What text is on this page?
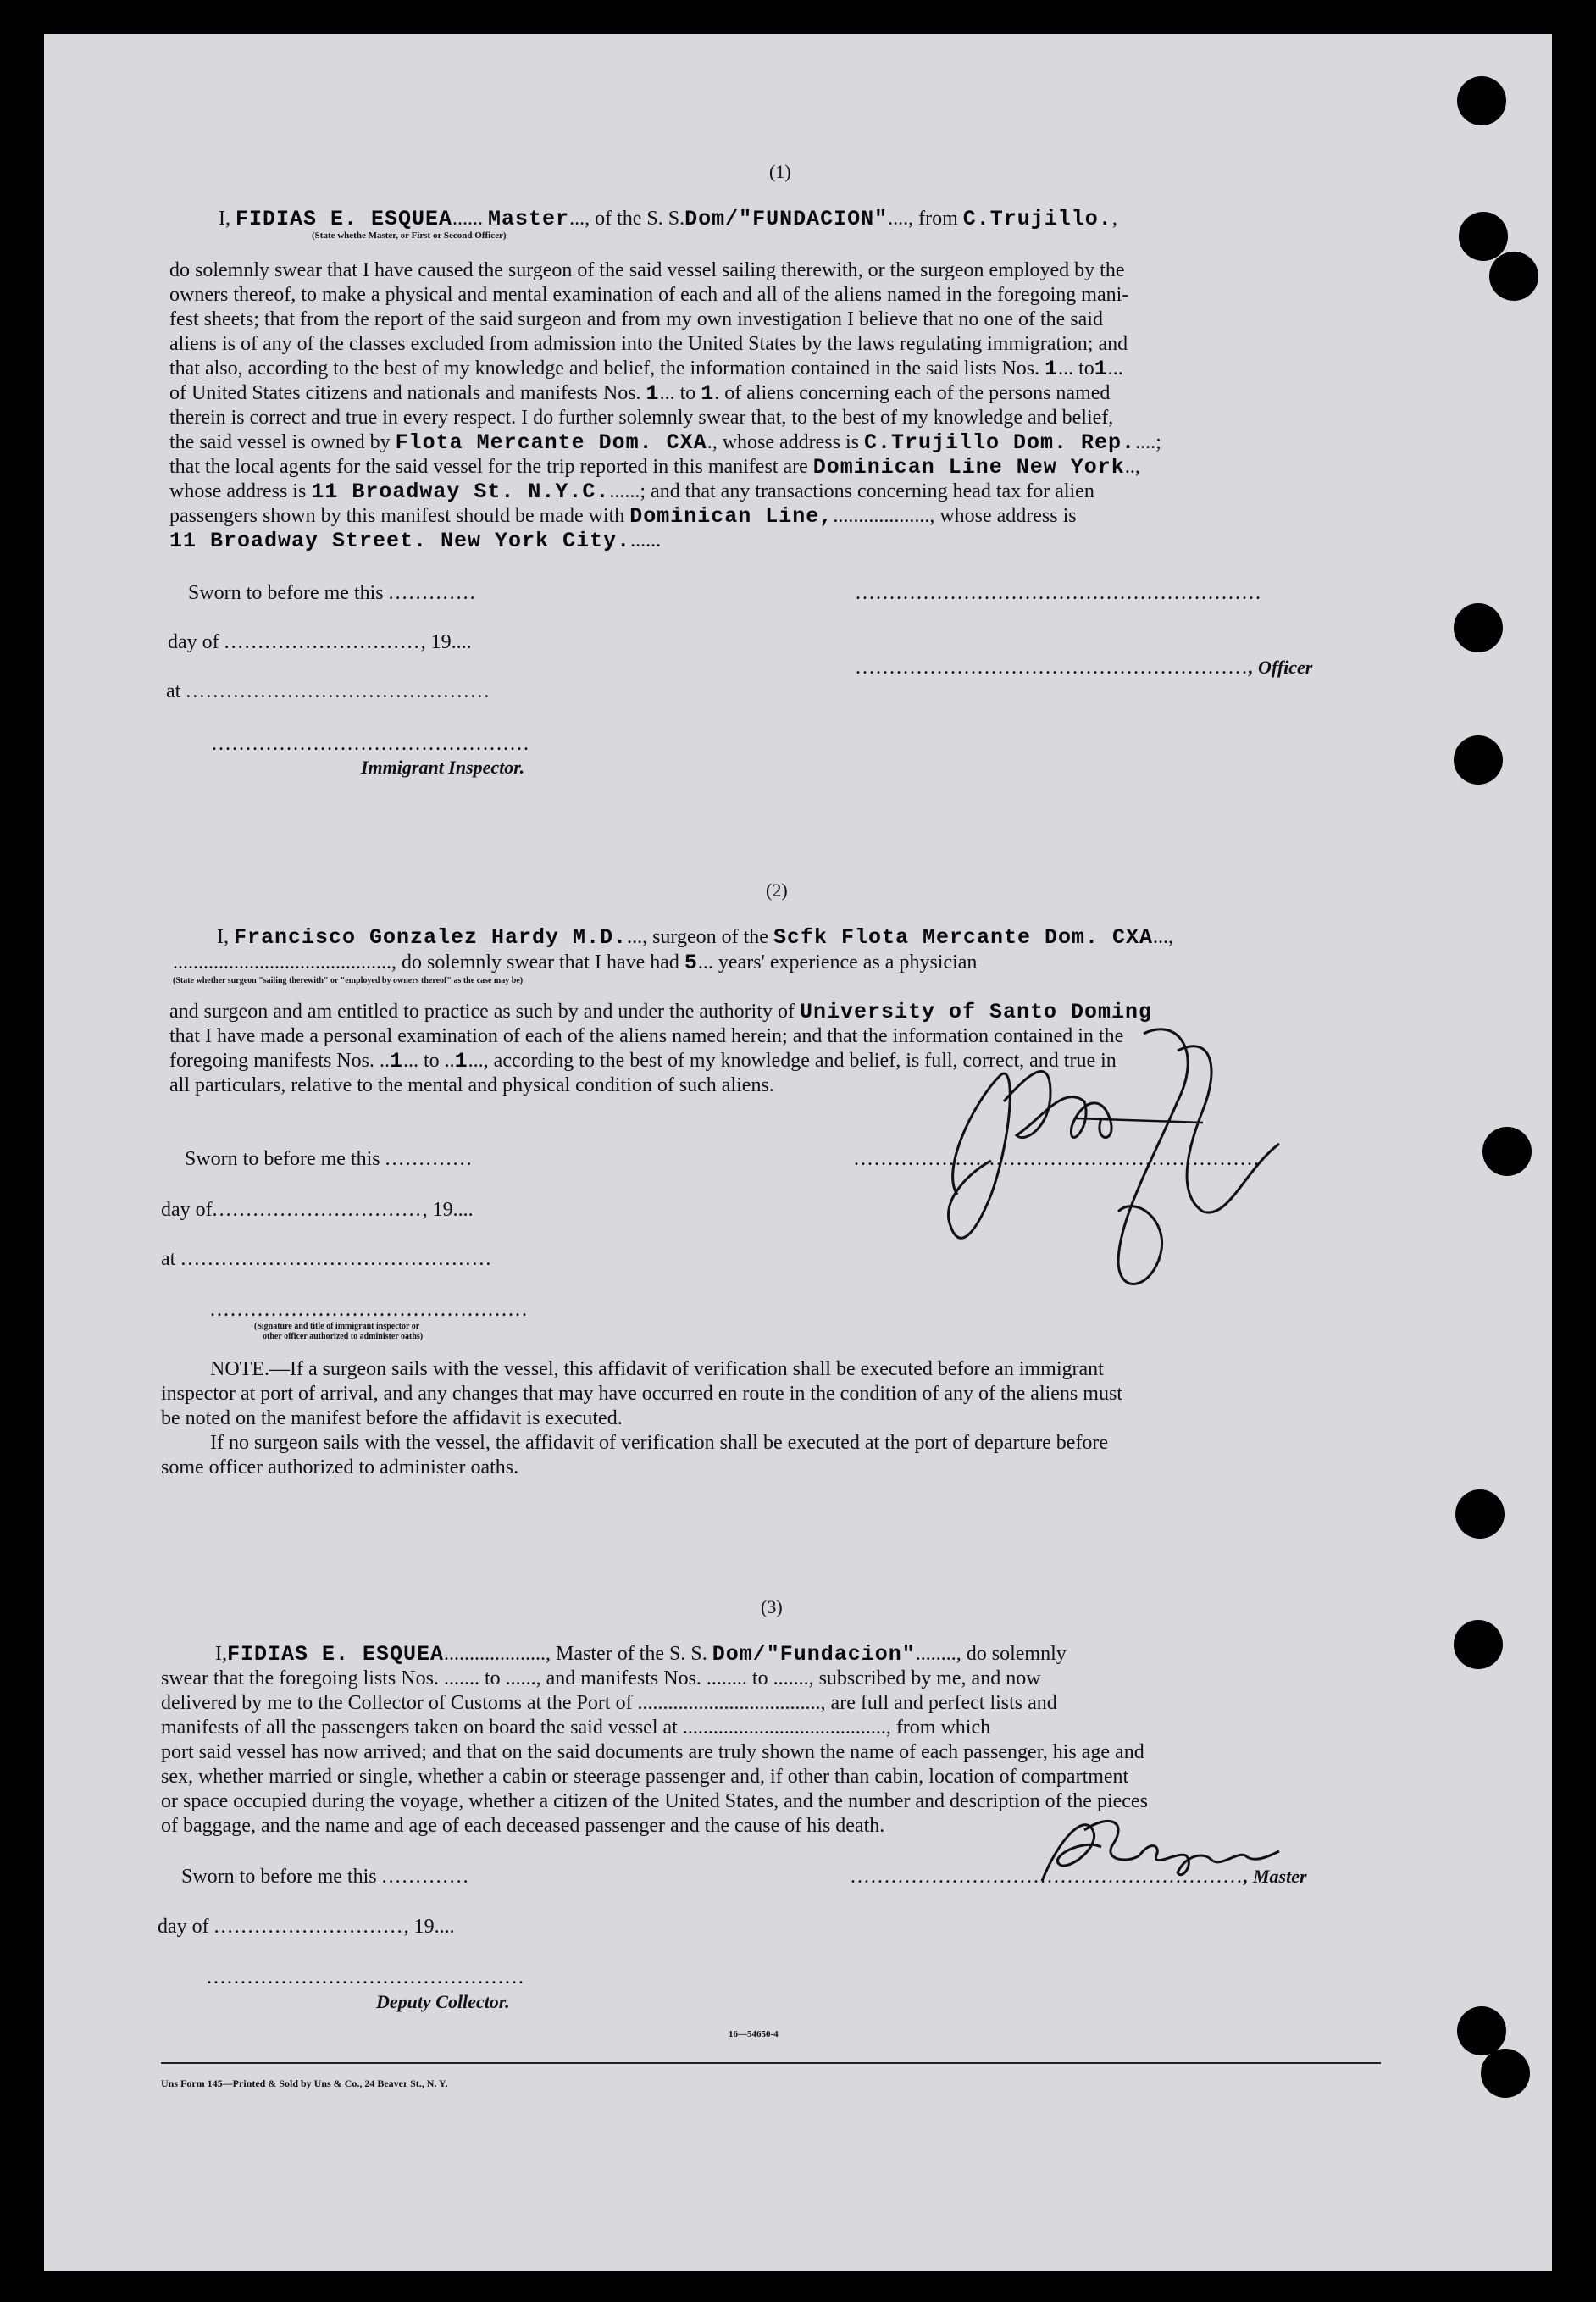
(1)
I, FIDIAS E. ESQUEA...... Master..., of the S. S.Dom/"FUNDACION"...., from C.Trujillo.,
(State whethe Master, or First or Second Officer)
do solemnly swear that I have caused the surgeon of the said vessel sailing therewith, or the surgeon employed by the
owners thereof, to make a physical and mental examination of each and all of the aliens named in the foregoing mani-
fest sheets; that from the report of the said surgeon and from my own investigation I believe that no one of the said
aliens is of any of the classes excluded from admission into the United States by the laws regulating immigration; and
that also, according to the best of my knowledge and belief, the information contained in the said lists Nos. 1... to1...
of United States citizens and nationals and manifests Nos. 1... to 1. of aliens concerning each of the persons named
therein is correct and true in every respect. I do further solemnly swear that, to the best of my knowledge and belief,
the said vessel is owned by Flota Mercante Dom. CXA., whose address is C.Trujillo Dom. Rep.....;
that the local agents for the said vessel for the trip reported in this manifest are Dominican Line New York..,
whose address is 11 Broadway St. N.Y.C.......; and that any transactions concerning head tax for alien
passengers shown by this manifest should be made with Dominican Line,..................., whose address is
11 Broadway Street. New York City.......
Sworn to before me this .............	............................................................
day of ............................., 19....
.........................................................., Officer
at .............................................
...............................................
Immigrant Inspector.
(2)
I, Francisco Gonzalez Hardy M.D...., surgeon of the Scfk Flota Mercante Dom. CXA...,
..........................................., do solemnly swear that I have had 5... years' experience as a physician
(State whether surgeon "sailing therewith" or "employed by owners thereof" as the case may be)
and surgeon and am entitled to practice as such by and under the authority of University of Santo Doming
that I have made a personal examination of each of the aliens named herein; and that the information contained in the
foregoing manifests Nos. ..1... to ..1..., according to the best of my knowledge and belief, is full, correct, and true in
all particulars, relative to the mental and physical condition of such aliens.
Sworn to before me this .............	............................................................
day of..............................., 19....
at ..............................................
...............................................
(Signature and title of immigrant inspector or
other officer authorized to administer oaths)
NOTE.—If a surgeon sails with the vessel, this affidavit of verification shall be executed before an immigrant
inspector at port of arrival, and any changes that may have occurred en route in the condition of any of the aliens must
be noted on the manifest before the affidavit is executed.
If no surgeon sails with the vessel, the affidavit of verification shall be executed at the port of departure before
some officer authorized to administer oaths.
(3)
I,FIDIAS E. ESQUEA...................., Master of the S. S. Dom/"Fundacion"........, do solemnly
swear that the foregoing lists Nos. ....... to ......, and manifests Nos. ........ to ......., subscribed by me, and now
delivered by me to the Collector of Customs at the Port of ...................................., are full and perfect lists and
manifests of all the passengers taken on board the said vessel at ........................................, from which
port said vessel has now arrived; and that on the said documents are truly shown the name of each passenger, his age and
sex, whether married or single, whether a cabin or steerage passenger and, if other than cabin, location of compartment
or space occupied during the voyage, whether a citizen of the United States, and the number and description of the pieces
of baggage, and the name and age of each deceased passenger and the cause of his death.
Sworn to before me this .............	.........................................................., Master
day of ............................, 19....
...............................................
Deputy Collector.
16—54650-4
Uns Form 145—Printed & Sold by Uns & Co., 24 Beaver St., N. Y.
